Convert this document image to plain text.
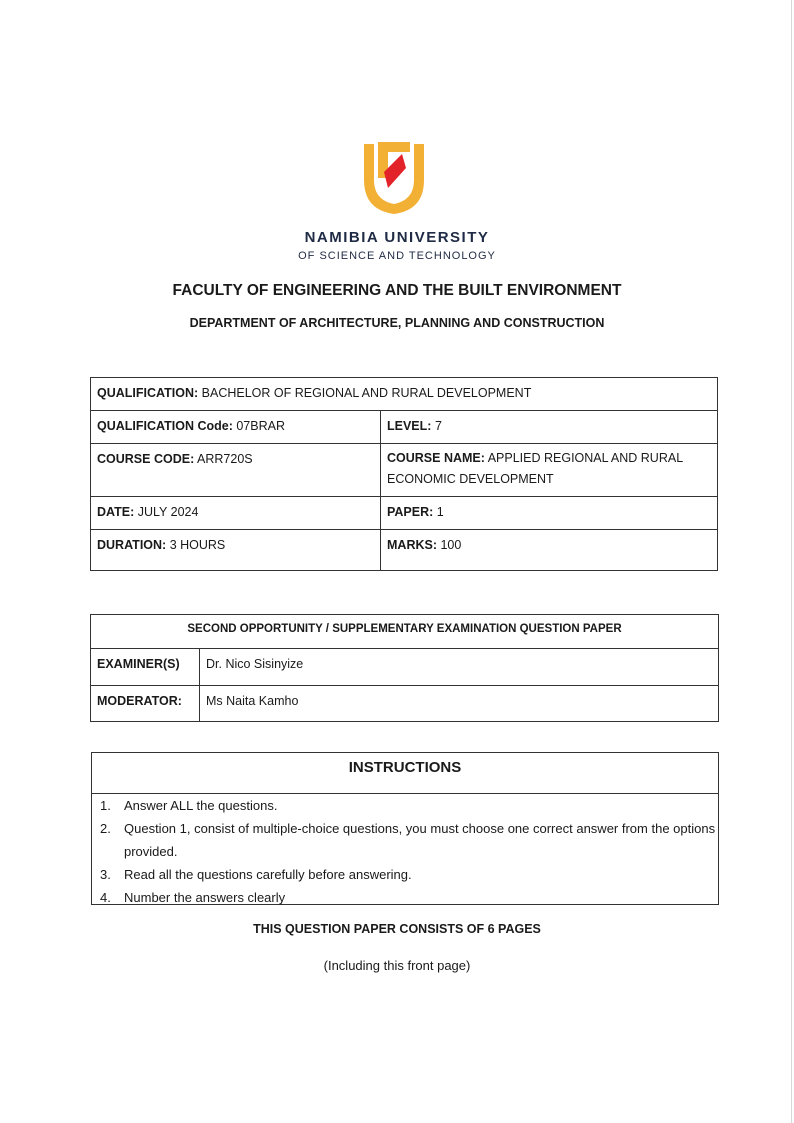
NAMIBIA UNIVERSITY
OF SCIENCE AND TECHNOLOGY
FACULTY OF ENGINEERING AND THE BUILT ENVIRONMENT
DEPARTMENT OF ARCHITECTURE, PLANNING AND CONSTRUCTION
QUALIFICATION: BACHELOR OF REGIONAL AND RURAL DEVELOPMENT	
QUALIFICATION Code: 07BRAR	LEVEL: 7
COURSE CODE: ARR720S	COURSE NAME: APPLIED REGIONAL AND RURAL ECONOMIC DEVELOPMENT
DATE: JULY 2024	PAPER: 1
DURATION: 3 HOURS	MARKS: 100
SECOND OPPORTUNITY / SUPPLEMENTARY EXAMINATION QUESTION PAPER	
EXAMINER(S)	Dr. Nico Sisinyize
MODERATOR:	Ms Naita Kamho
INSTRUCTIONS
1.	Answer ALL the questions.
2.	Question 1, consist of multiple-choice questions, you must choose one correct answer from the options provided.
3.	Read all the questions carefully before answering.
4.	Number the answers clearly
THIS QUESTION PAPER CONSISTS OF 6 PAGES
(Including this front page)
